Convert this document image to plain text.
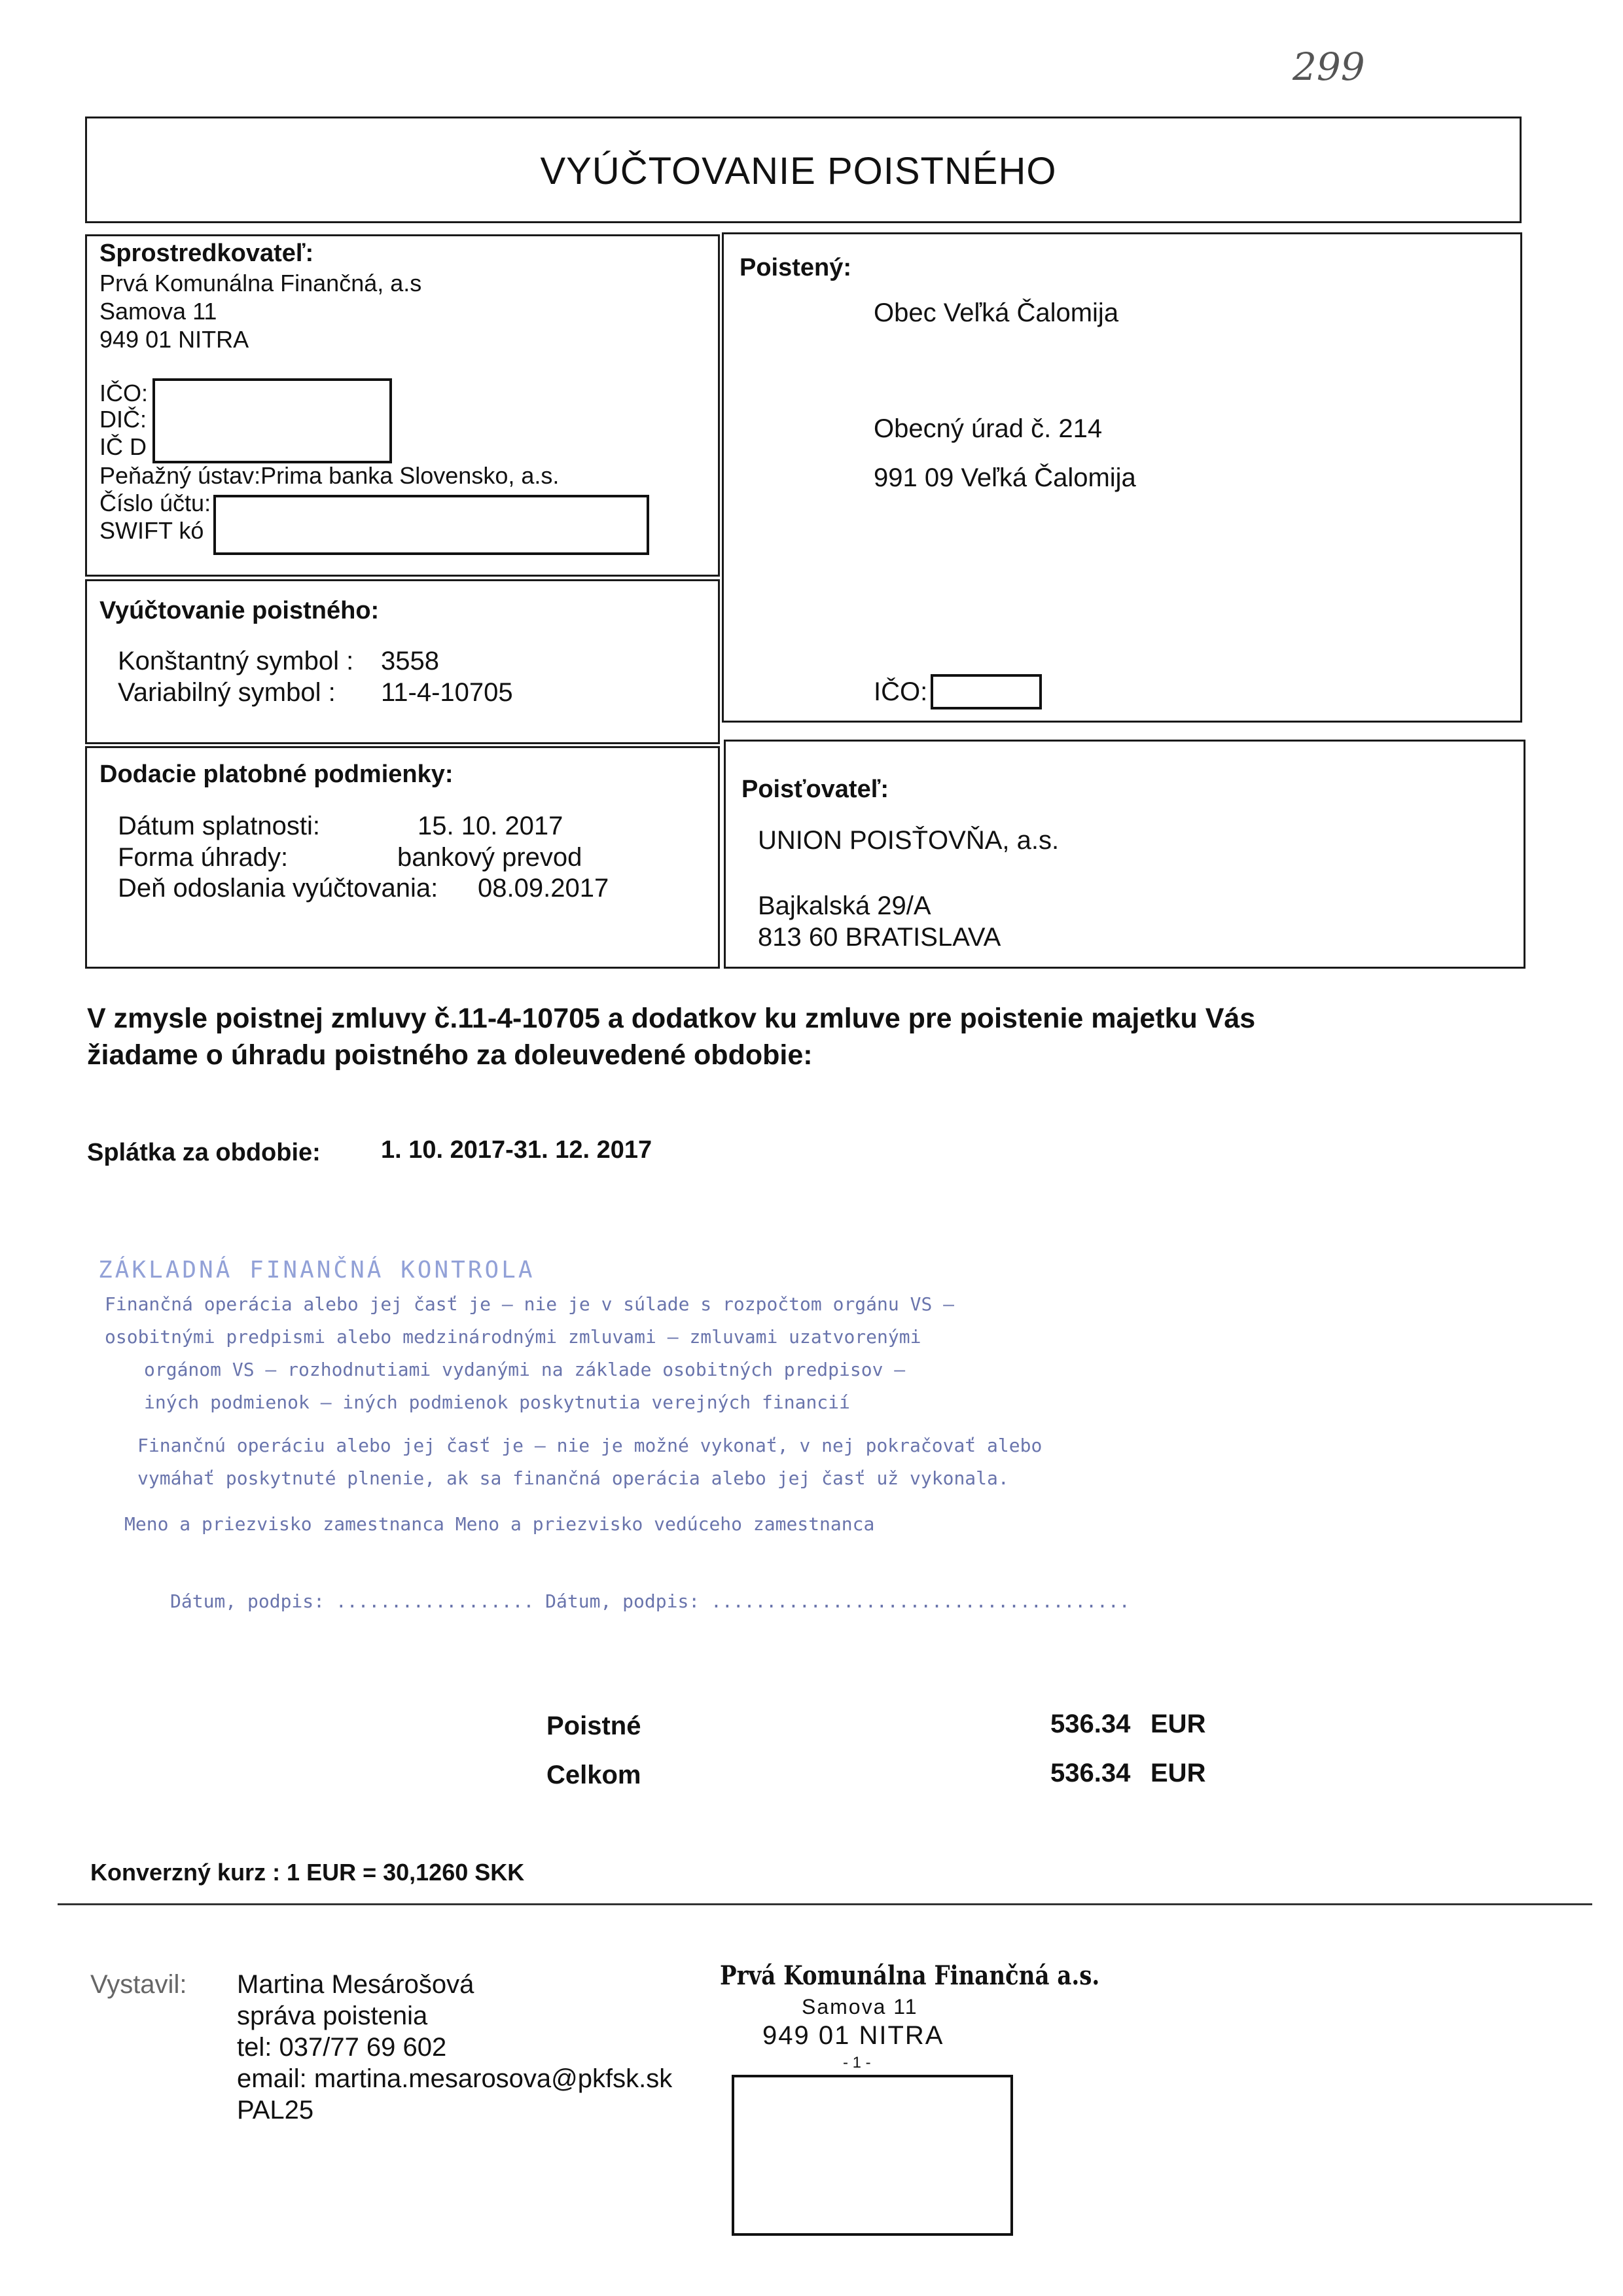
299
VYÚČTOVANIE POISTNÉHO
Sprostredkovateľ:
Prvá Komunálna Finančná, a.s
Samova 11
949 01 NITRA
IČO:
DIČ:
IČ D
Peňažný ústav:Prima banka Slovensko, a.s.
Číslo účtu:
SWIFT kó
Poistený:
Obec Veľká Čalomija
Obecný úrad č. 214
991 09 Veľká Čalomija
IČO:
Vyúčtovanie poistného:
Konštantný symbol : 3558
Variabilný symbol : 11-4-10705
Dodacie platobné podmienky:
Dátum splatnosti:	15. 10. 2017
Forma úhrady:	bankový prevod
Deň odoslania vyúčtovania: 08.09.2017
Poisťovateľ:
UNION POISŤOVŇA, a.s.
Bajkalská 29/A
813 60 BRATISLAVA
V zmysle poistnej zmluvy č.11-4-10705 a dodatkov ku zmluve pre poistenie majetku Vás
žiadame o úhradu poistného za doleuvedené obdobie:
Splátka za obdobie: 1. 10. 2017-31. 12. 2017
ZÁKLADNÁ FINANČNÁ KONTROLA
Finančná operácia alebo jej časť je – nie je v súlade s rozpočtom orgánu VS –
osobitnými predpismi alebo medzinárodnými zmluvami – zmluvami uzatvorenými
orgánom VS – rozhodnutiami vydanými na základe osobitných predpisov –
iných podmienok – iných podmienok poskytnutia verejných financií
Finančnú operáciu alebo jej časť je – nie je možné vykonať, v nej pokračovať alebo
vymáhať poskytnuté plnenie, ak sa finančná operácia alebo jej časť už vykonala.
Meno a priezvisko zamestnanca Meno a priezvisko vedúceho zamestnanca
Dátum, podpis: .................. Dátum, podpis: ......................................
Poistné	536.34 EUR
Celkom	536.34 EUR
Konverzný kurz : 1 EUR = 30,1260 SKK
Vystavil: Martina Mesárošová
správa poistenia
tel: 037/77 69 602
email: martina.mesarosova@pkfsk.sk
PAL25
Prvá Komunálna Finančná a.s.
Samova 11
949 01 NITRA
- 1 -
